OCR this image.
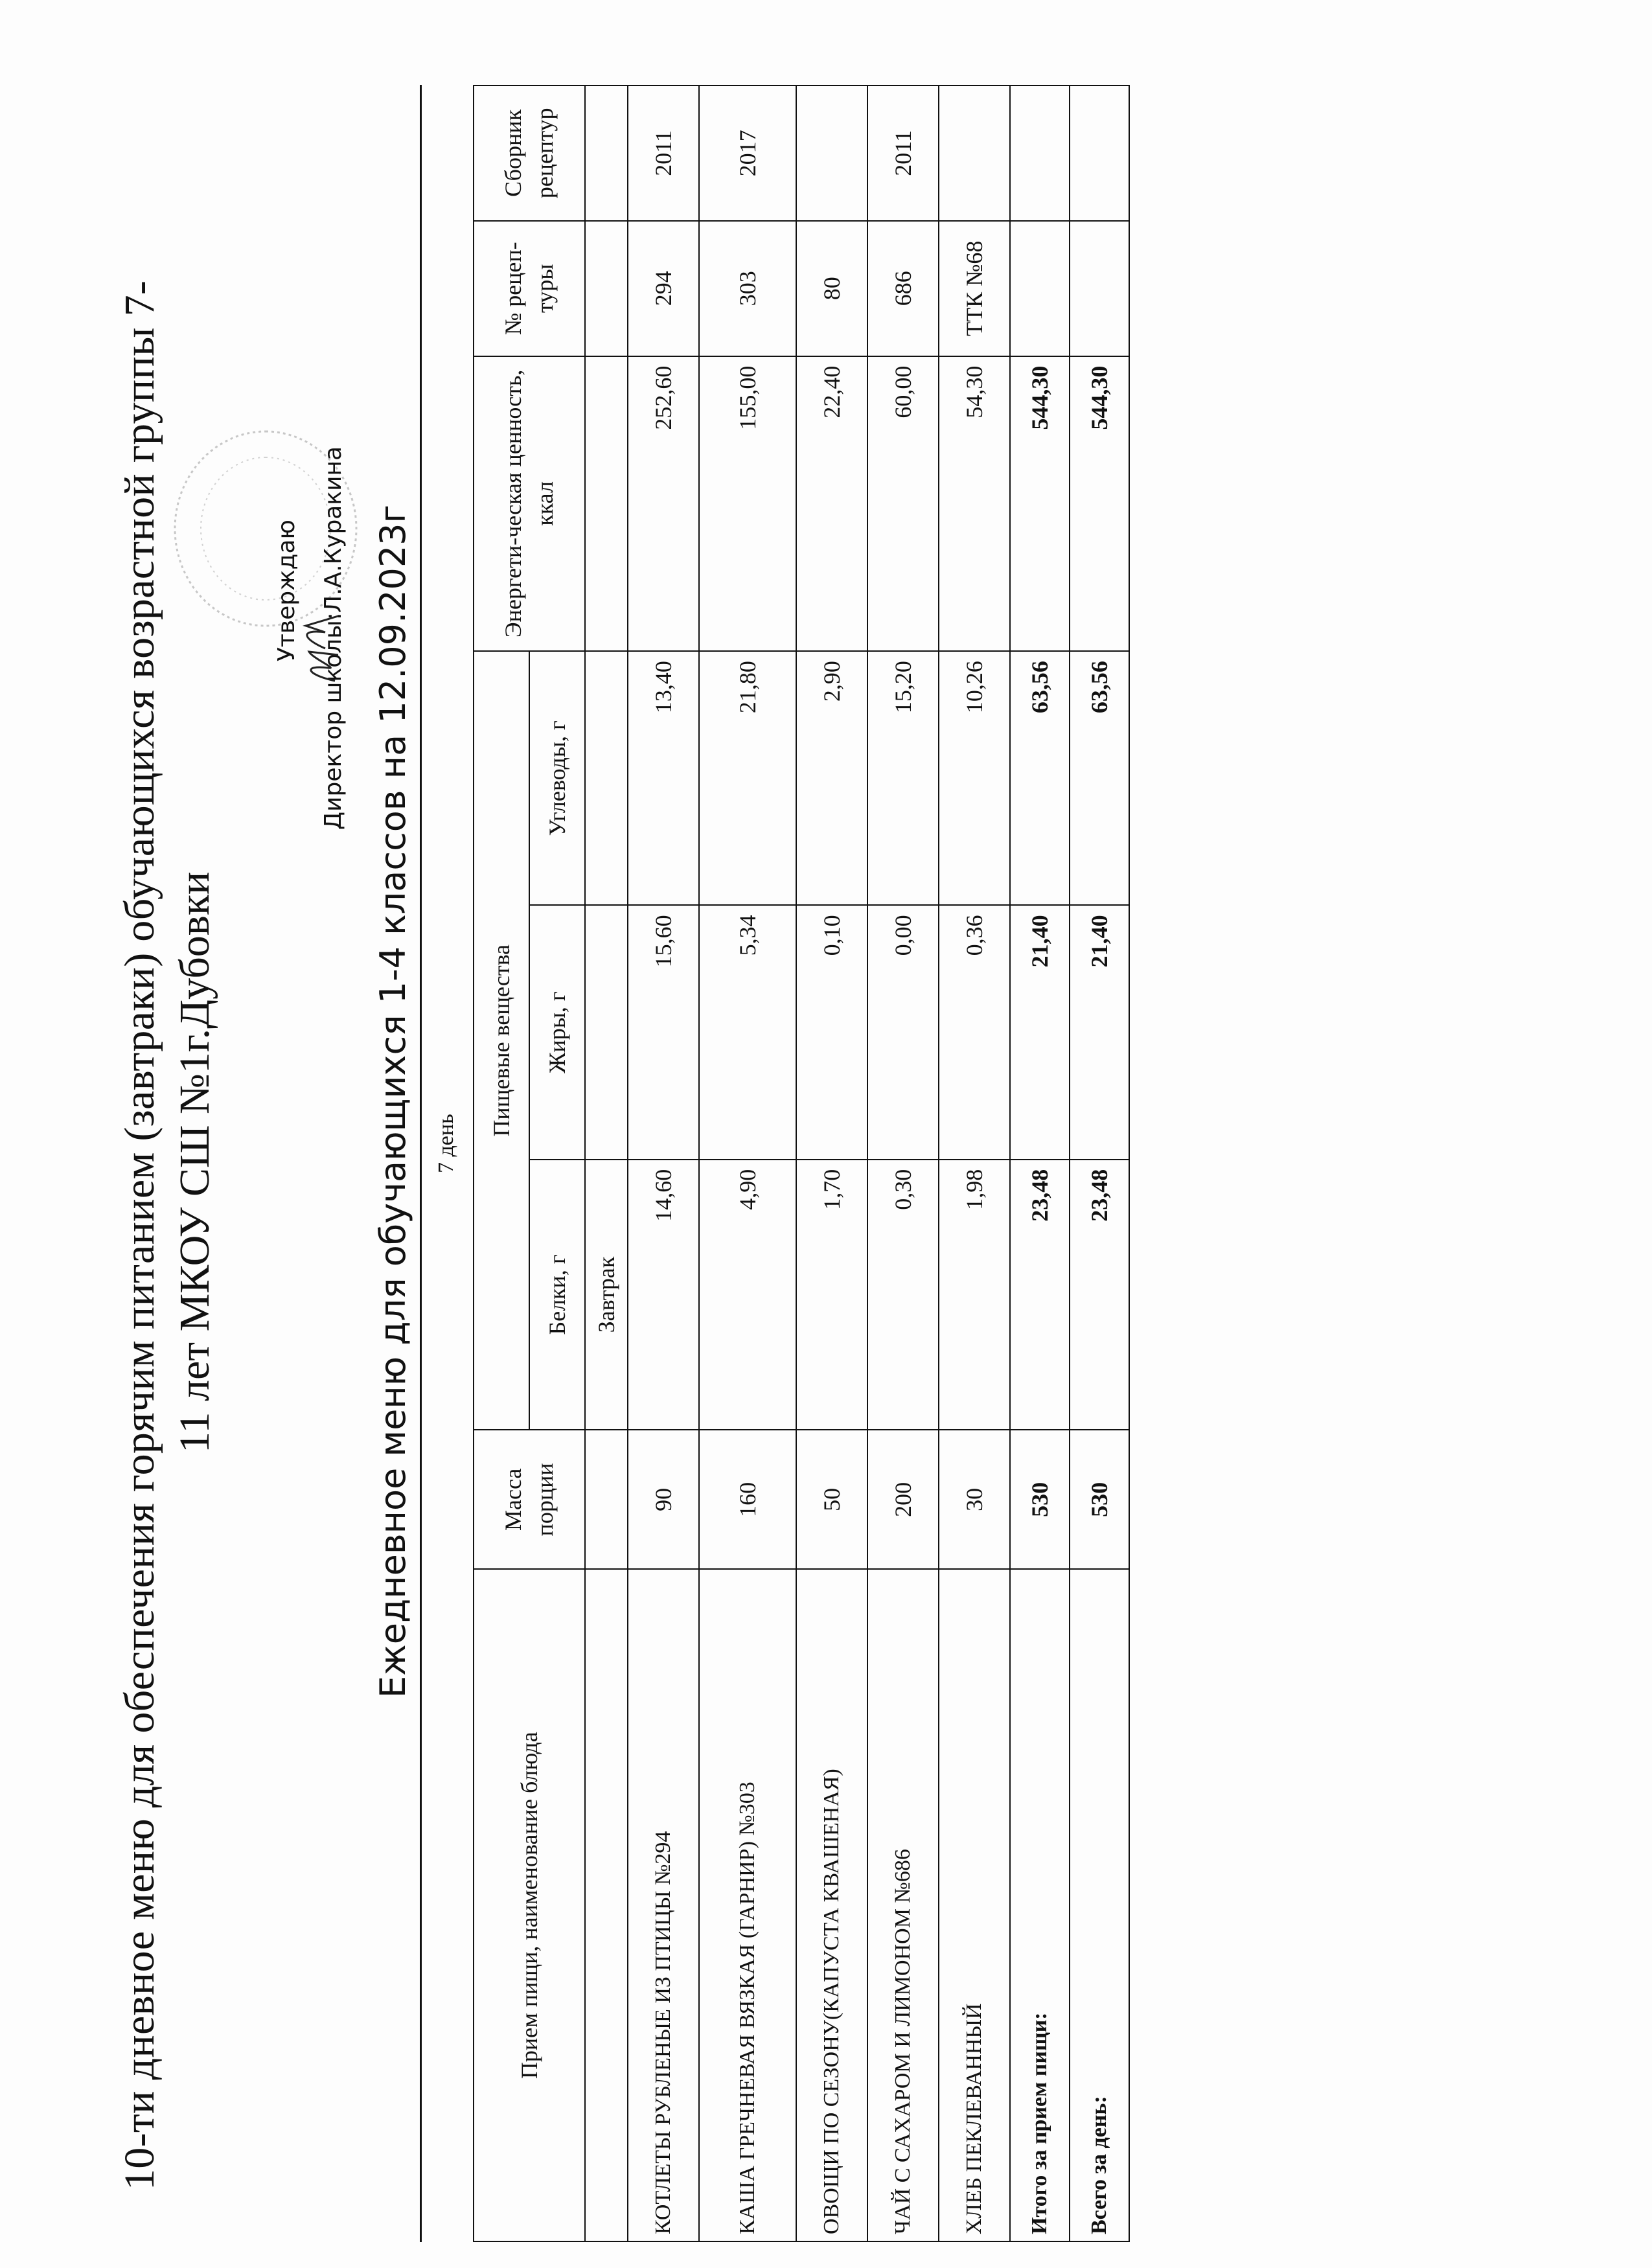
10-ти дневное меню для обеспечения горячим питанием (завтраки) обучающихся возрастной группы 7- 11 лет МКОУ СШ №1г.Дубовки
Утверждаю
Директор школы:
Л.А.Куракина Ежедневное меню для обучающихся 1-4 классов на 12.09.2023г 7 день
Прием пищи, наименование блюда	Масса порции	Пищевые вещества			Энергети-ческая ценность, ккал	№ рецеп-туры	Сборник рецептур
		Белки, г	Жиры, г	Углеводы, г			
		Завтрак					
КОТЛЕТЫ РУБЛЕНЫЕ ИЗ ПТИЦЫ №294	90	14,60	15,60	13,40	252,60	294	2011
КАША ГРЕЧНЕВАЯ ВЯЗКАЯ (ГАРНИР) №303	160	4,90	5,34	21,80	155,00	303	2017
ОВОЩИ ПО СЕЗОНУ(КАПУСТА КВАШЕНАЯ)	50	1,70	0,10	2,90	22,40	80	
ЧАЙ С САХАРОМ И ЛИМОНОМ №686	200	0,30	0,00	15,20	60,00	686	2011
ХЛЕБ ПЕКЛЕВАННЫЙ	30	1,98	0,36	10,26	54,30	ТТК №68	
Итого за прием пищи:	530	23,48	21,40	63,56	544,30		
Всего за день:	530	23,48	21,40	63,56	544,30		
